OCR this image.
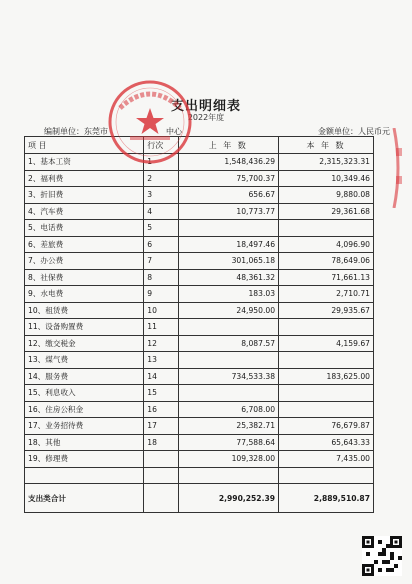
支出明细表
2022年度
编制单位：东莞市	中心	金额单位：人民币元
项 目	行次	上 年 数	本 年 数
1、基本工资	1	1,548,436.29	2,315,323.31
2、福利费	2	75,700.37	10,349.46
3、折旧费	3	656.67	9,880.08
4、汽车费	4	10,773.77	29,361.68
5、电话费	5		
6、差旅费	6	18,497.46	4,096.90
7、办公费	7	301,065.18	78,649.06
8、社保费	8	48,361.32	71,661.13
9、水电费	9	183.03	2,710.71
10、租赁费	10	24,950.00	29,935.67
11、设备购置费	11		
12、缴交税金	12	8,087.57	4,159.67
13、煤气费	13		
14、服务费	14	734,533.38	183,625.00
15、利息收入	15		
16、住房公积金	16	6,708.00	
17、业务招待费	17	25,382.71	76,679.87
18、其他	18	77,588.64	65,643.33
19、修理费		109,328.00	7,435.00

支出类合计		2,990,252.39	2,889,510.87
